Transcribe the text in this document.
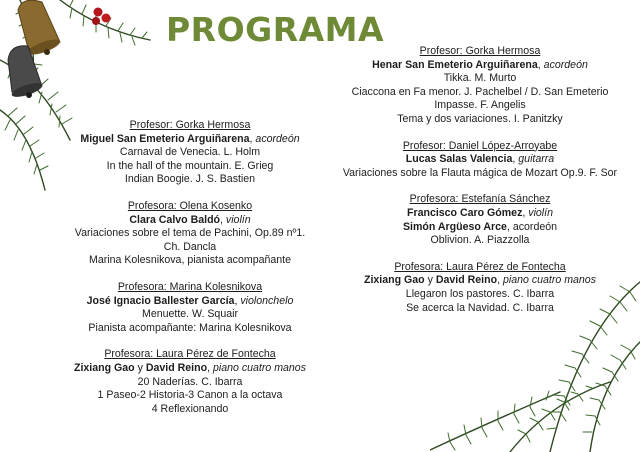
PROGRAMA
Profesor: Gorka Hermosa
Miguel San Emeterio Arguiñarena, acordeón
Carnaval de Venecia. L. Holm
In the hall of the mountain. E. Grieg
Indian Boogie. J. S. Bastien
Profesora: Olena Kosenko
Clara Calvo Baldó, violín
Variaciones sobre el tema de Pachini, Op.89 nº1.
Ch. Dancla
Marina Kolesnikova, pianista acompañante
Profesora: Marina Kolesnikova
José Ignacio Ballester García, violonchelo
Menuette. W. Squair
Pianista acompañante: Marina Kolesnikova
Profesora: Laura Pérez de Fontecha
Zixiang Gao y David Reino, piano cuatro manos
20 Naderías. C. Ibarra
1 Paseo-2 Historia-3 Canon a la octava
4 Reflexionando
Profesor: Gorka Hermosa
Henar San Emeterio Arguiñarena, acordeón
Tikka. M. Murto
Ciaccona en Fa menor. J. Pachelbel / D. San Emeterio
Impasse. F. Angelis
Tema y dos variaciones. I. Panitzky
Profesor: Daniel López-Arroyabe
Lucas Salas Valencia, guitarra
Variaciones sobre la Flauta mágica de Mozart Op.9. F. Sor
Profesora: Estefanía Sánchez
Francisco Caro Gómez, violín
Simón Argüeso Arce, acordeón
Oblivion. A. Piazzolla
Profesora: Laura Pérez de Fontecha
Zixiang Gao y David Reino, piano cuatro manos
Llegaron los pastores. C. Ibarra
Se acerca la Navidad. C. Ibarra
